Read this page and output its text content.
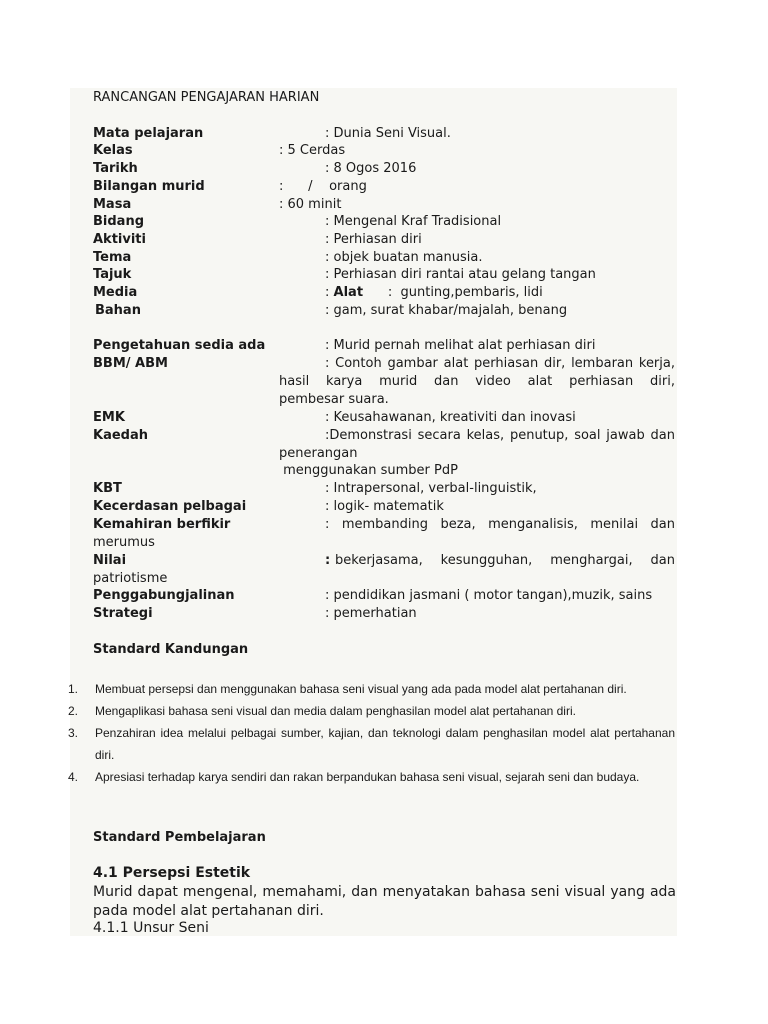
RANCANGAN PENGAJARAN HARIAN
Mata pelajaran	: Dunia Seni Visual.
Kelas	: 5 Cerdas
Tarikh	: 8 Ogos 2016
Bilangan murid	:      /    orang
Masa	: 60 minit
Bidang	: Mengenal Kraf Tradisional
Aktiviti	: Perhiasan diri
Tema	: objek buatan manusia.
Tajuk	: Perhiasan diri rantai atau gelang tangan
Media	: Alat :  gunting,pembaris, lidi
Bahan	: gam, surat khabar/majalah, benang
Pengetahuan sedia ada	: Murid pernah melihat alat perhiasan diri
BBM/ ABM	: Contoh gambar alat perhiasan dir, lembaran kerja,
hasil karya murid dan video alat perhiasan diri,
pembesar suara.
EMK	: Keusahawanan, kreativiti dan inovasi
Kaedah	:Demonstrasi secara kelas, penutup, soal jawab dan
penerangan
menggunakan sumber PdP
KBT	: Intrapersonal, verbal-linguistik,
Kecerdasan pelbagai	: logik- matematik
Kemahiran berfikir	: membanding beza, menganalisis, menilai dan
merumus
Nilai	: bekerjasama, kesungguhan, menghargai, dan
patriotisme
Penggabungjalinan	: pendidikan jasmani ( motor tangan),muzik, sains
Strategi	: pemerhatian
Standard Kandungan
1. Membuat persepsi dan menggunakan bahasa seni visual yang ada pada model alat pertahanan diri.
2. Mengaplikasi bahasa seni visual dan media dalam penghasilan model alat pertahanan diri.
3. Penzahiran idea melalui pelbagai sumber, kajian, dan teknologi dalam penghasilan model alat pertahanan diri.
4. Apresiasi terhadap karya sendiri dan rakan berpandukan bahasa seni visual, sejarah seni dan budaya.
Standard Pembelajaran
4.1 Persepsi Estetik
Murid dapat mengenal, memahami, dan menyatakan bahasa seni visual yang ada pada model alat pertahanan diri.
4.1.1 Unsur Seni
